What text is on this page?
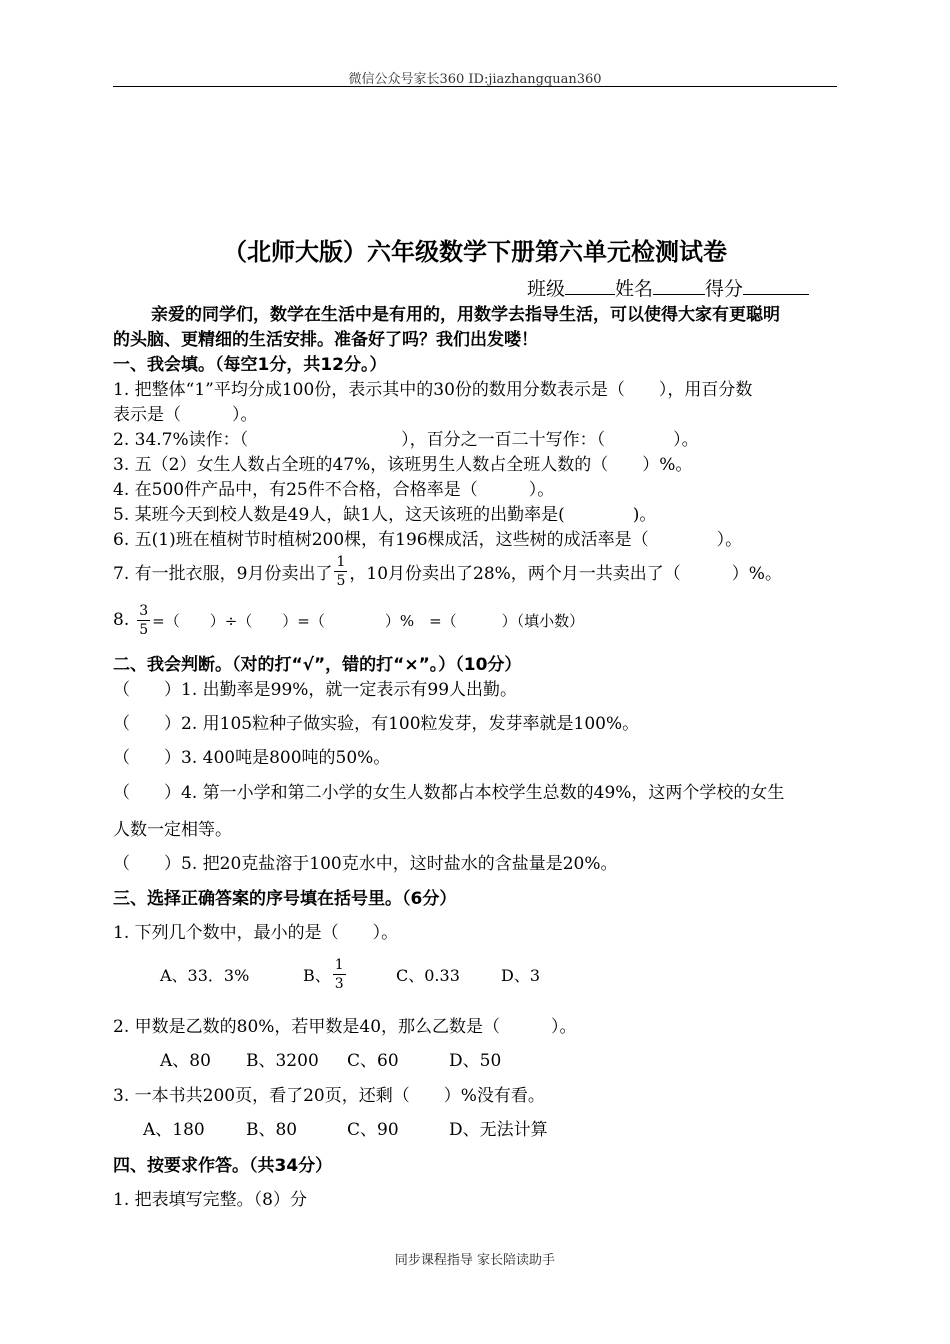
微信公众号家长360 ID:jiazhangquan360
（北师大版）六年级数学下册第六单元检测试卷
班级	姓名	得分
亲爱的同学们，数学在生活中是有用的，用数学去指导生活，可以使得大家有更聪明
的头脑、更精细的生活安排。准备好了吗？我们出发喽！
一、我会填。（每空1分，共12分。）
1. 把整体“1”平均分成100份，表示其中的30份的数用分数表示是（　　），用百分数
表示是（　　　）。
2. 34.7%读作：（　　　　　　　　　），百分之一百二十写作：（　　　　）。
3. 五（2）女生人数占全班的47%，该班男生人数占全班人数的（　　）%。
4. 在500件产品中，有25件不合格，合格率是（　　　）。
5. 某班今天到校人数是49人，缺1人，这天该班的出勤率是(　　　　)。
6. 五(1)班在植树节时植树200棵，有196棵成活，这些树的成活率是（　　　　）。
7. 有一批衣服，9月份卖出了 $\frac{1}{5}$ ，10月份卖出了28%，两个月一共卖出了（　　　）%。
8. $\frac{3}{5}$ =（　　）÷（　　）=（　　　　）%　=（　　　）（填小数）
二、我会判断。（对的打“√”，错的打“×”。）（10分）
（　　）1. 出勤率是99%，就一定表示有99人出勤。
（　　）2. 用105粒种子做实验，有100粒发芽，发芽率就是100%。
（　　）3. 400吨是800吨的50%。
（　　）4. 第一小学和第二小学的女生人数都占本校学生总数的49%，这两个学校的女生
人数一定相等。
（　　）5. 把20克盐溶于100克水中，这时盐水的含盐量是20%。
三、选择正确答案的序号填在括号里。（6分）
1. 下列几个数中，最小的是（　　）。
A、33．3%	B、 $\frac{1}{3}$	C、0.33	D、3
2. 甲数是乙数的80%，若甲数是40，那么乙数是（　　　）。
A、80 B、3200 C、60	D、50
3. 一本书共200页，看了20页，还剩（　　）%没有看。
A、180 B、80	C、90	D、无法计算
四、按要求作答。（共34分）
1. 把表填写完整。（8）分
同步课程指导 家长陪读助手
